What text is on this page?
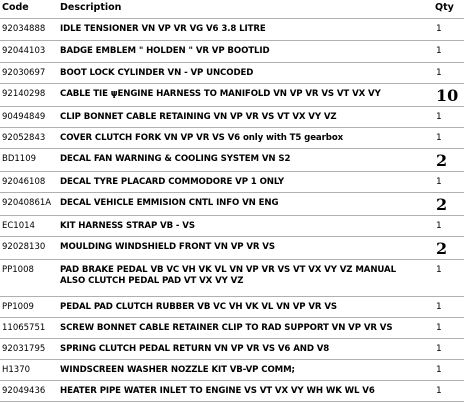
Code	Description	Qty
92034888	IDLE TENSIONER VN VP VR VG V6 3.8 LITRE	1
92044103	BADGE EMBLEM " HOLDEN " VR VP BOOTLID	1
92030697	BOOT LOCK CYLINDER VN - VP UNCODED	1
92140298	CABLE TIE ψENGINE HARNESS TO MANIFOLD VN VP VR VS VT VX VY	10
90494849	CLIP BONNET CABLE RETAINING VN VP VR VS VT VX VY VZ	1
92052843	COVER CLUTCH FORK VN VP VR VS V6 only with T5 gearbox	1
BD1109	DECAL FAN WARNING & COOLING SYSTEM VN S2	2
92046108	DECAL TYRE PLACARD COMMODORE VP 1 ONLY	1
92040861A	DECAL VEHICLE EMMISION CNTL INFO VN ENG	2
EC1014	KIT HARNESS STRAP VB - VS	1
92028130	MOULDING WINDSHIELD FRONT VN VP VR VS	2
PP1008	PAD BRAKE PEDAL VB VC VH VK VL VN VP VR VS VT VX VY VZ MANUAL
ALSO CLUTCH PEDAL PAD VT VX VY VZ	1
PP1009	PEDAL PAD CLUTCH RUBBER VB VC VH VK VL VN VP VR VS	1
11065751	SCREW BONNET CABLE RETAINER CLIP TO RAD SUPPORT VN VP VR VS	1
92031795	SPRING CLUTCH PEDAL RETURN VN VP VR VS V6 AND V8	1
H1370	WINDSCREEN WASHER NOZZLE KIT VB-VP COMM;	1
92049436	HEATER PIPE WATER INLET TO ENGINE VS VT VX VY WH WK WL V6	1
